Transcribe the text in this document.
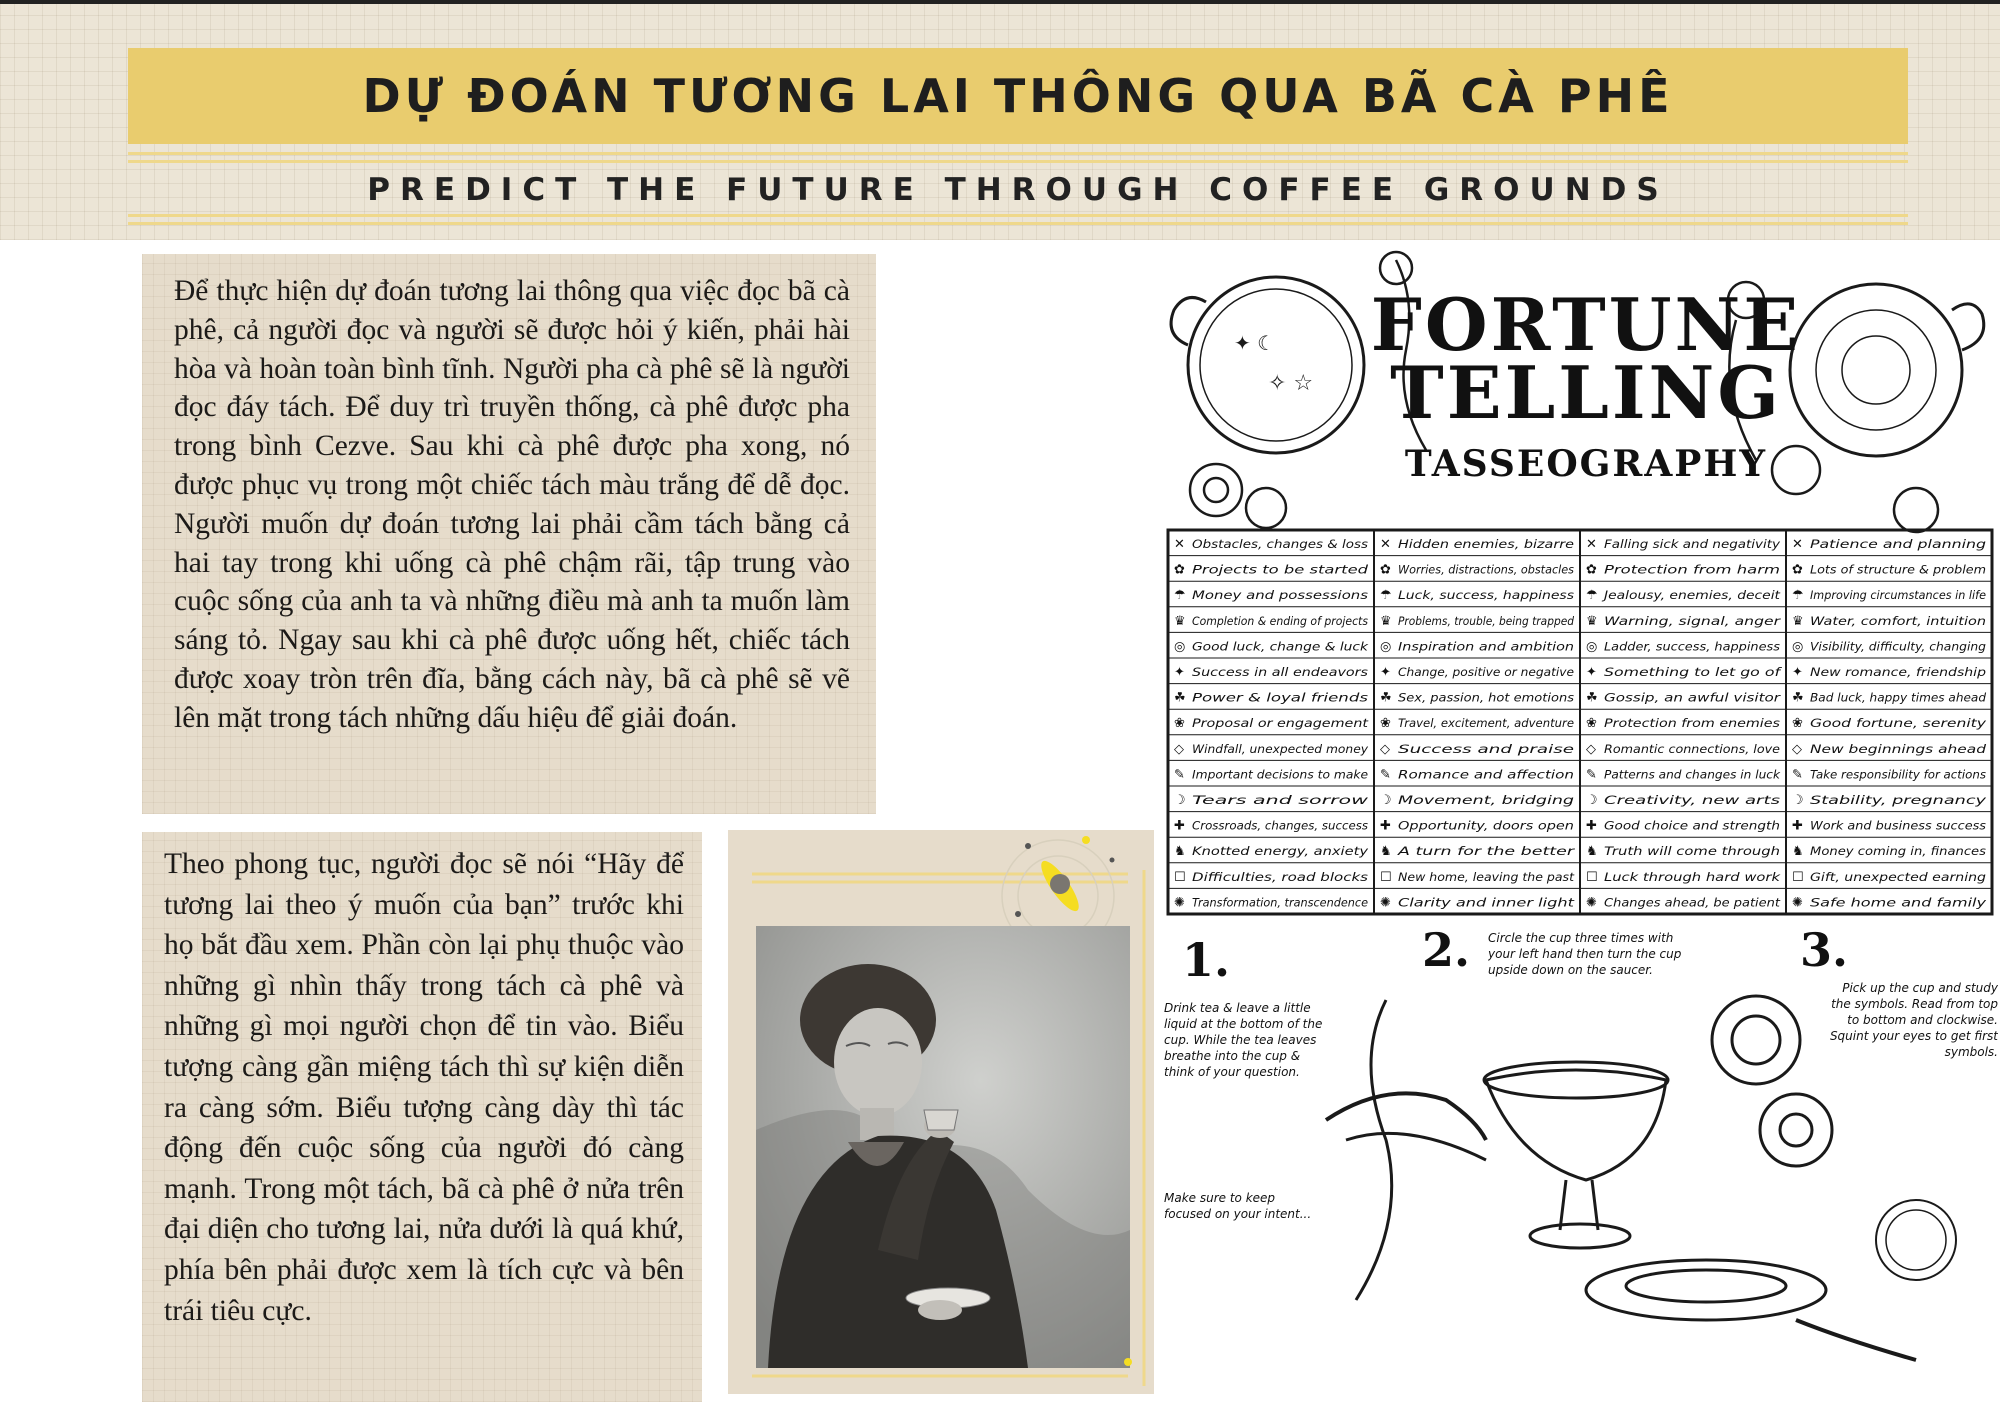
DỰ ĐOÁN TƯƠNG LAI THÔNG QUA BÃ CÀ PHÊ
PREDICT THE FUTURE THROUGH COFFEE GROUNDS

Để thực hiện dự đoán tương lai thông qua việc đọc bã cà phê, cả người đọc và người sẽ được hỏi ý kiến, phải hài hòa và hoàn toàn bình tĩnh. Người pha cà phê sẽ là người đọc đáy tách. Để duy trì truyền thống, cà phê được pha trong bình Cezve. Sau khi cà phê được pha xong, nó được phục vụ trong một chiếc tách màu trắng để dễ đọc. Người muốn dự đoán tương lai phải cầm tách bằng cả hai tay trong khi uống cà phê chậm rãi, tập trung vào cuộc sống của anh ta và những điều mà anh ta muốn làm sáng tỏ. Ngay sau khi cà phê được uống hết, chiếc tách được xoay tròn trên đĩa, bằng cách này, bã cà phê sẽ vẽ lên mặt trong tách những dấu hiệu để giải đoán.

Theo phong tục, người đọc sẽ nói “Hãy để tương lai theo ý muốn của bạn” trước khi họ bắt đầu xem. Phần còn lại phụ thuộc vào những gì nhìn thấy trong tách cà phê và những gì mọi người chọn để tin vào. Biểu tượng càng gần miệng tách thì sự kiện diễn ra càng sớm. Biểu tượng càng dày thì tác động đến cuộc sống của người đó càng mạnh. Trong một tách, bã cà phê ở nửa trên đại diện cho tương lai, nửa dưới là quá khứ, phía bên phải được xem là tích cực và bên trái tiêu cực.

✦ ☾
✧ ☆
FORTUNE
TELLING
TASSEOGRAPHY
✕ Obstacles, changes & loss ✕ Hidden enemies, bizarre ✕ Falling sick and negativity ✕ Patience and planning
✿ Projects to be started ✿ Worries, distractions, obstacles ✿ Protection from harm ✿ Lots of structure & problem
☂ Money and possessions ☂ Luck, success, happiness ☂ Jealousy, enemies, deceit ☂ Improving circumstances in life
♛ Completion & ending of projects ♛ Problems, trouble, being trapped ♛ Warning, signal, anger ♛ Water, comfort, intuition
◎ Good luck, change & luck ◎ Inspiration and ambition ◎ Ladder, success, happiness ◎ Visibility, difficulty, changing
✦ Success in all endeavors ✦ Change, positive or negative ✦ Something to let go of ✦ New romance, friendship
☘ Power & loyal friends ☘ Sex, passion, hot emotions ☘ Gossip, an awful visitor ☘ Bad luck, happy times ahead
❀ Proposal or engagement ❀ Travel, excitement, adventure ❀ Protection from enemies ❀ Good fortune, serenity
◇ Windfall, unexpected money ◇ Success and praise ◇ Romantic connections, love ◇ New beginnings ahead
✎ Important decisions to make ✎ Romance and affection ✎ Patterns and changes in luck ✎ Take responsibility for actions
☽ Tears and sorrow ☽ Movement, bridging ☽ Creativity, new arts ☽ Stability, pregnancy
✚ Crossroads, changes, success ✚ Opportunity, doors open ✚ Good choice and strength ✚ Work and business success
♞ Knotted energy, anxiety ♞ A turn for the better ♞ Truth will come through ♞ Money coming in, finances
☐ Difficulties, road blocks ☐ New home, leaving the past ☐ Luck through hard work ☐ Gift, unexpected earning
✺ Transformation, transcendence ✺ Clarity and inner light ✺ Changes ahead, be patient ✺ Safe home and family
1.	2.	3.
Drink tea & leave a little liquid at the bottom of the cup. While the tea leaves breathe into the cup & think of your question.
Circle the cup three times with your left hand then turn the cup upside down on the saucer.
Pick up the cup and study the symbols. Read from top to bottom and clockwise. Squint your eyes to get first symbols.
Make sure to keep focused on your intent...
